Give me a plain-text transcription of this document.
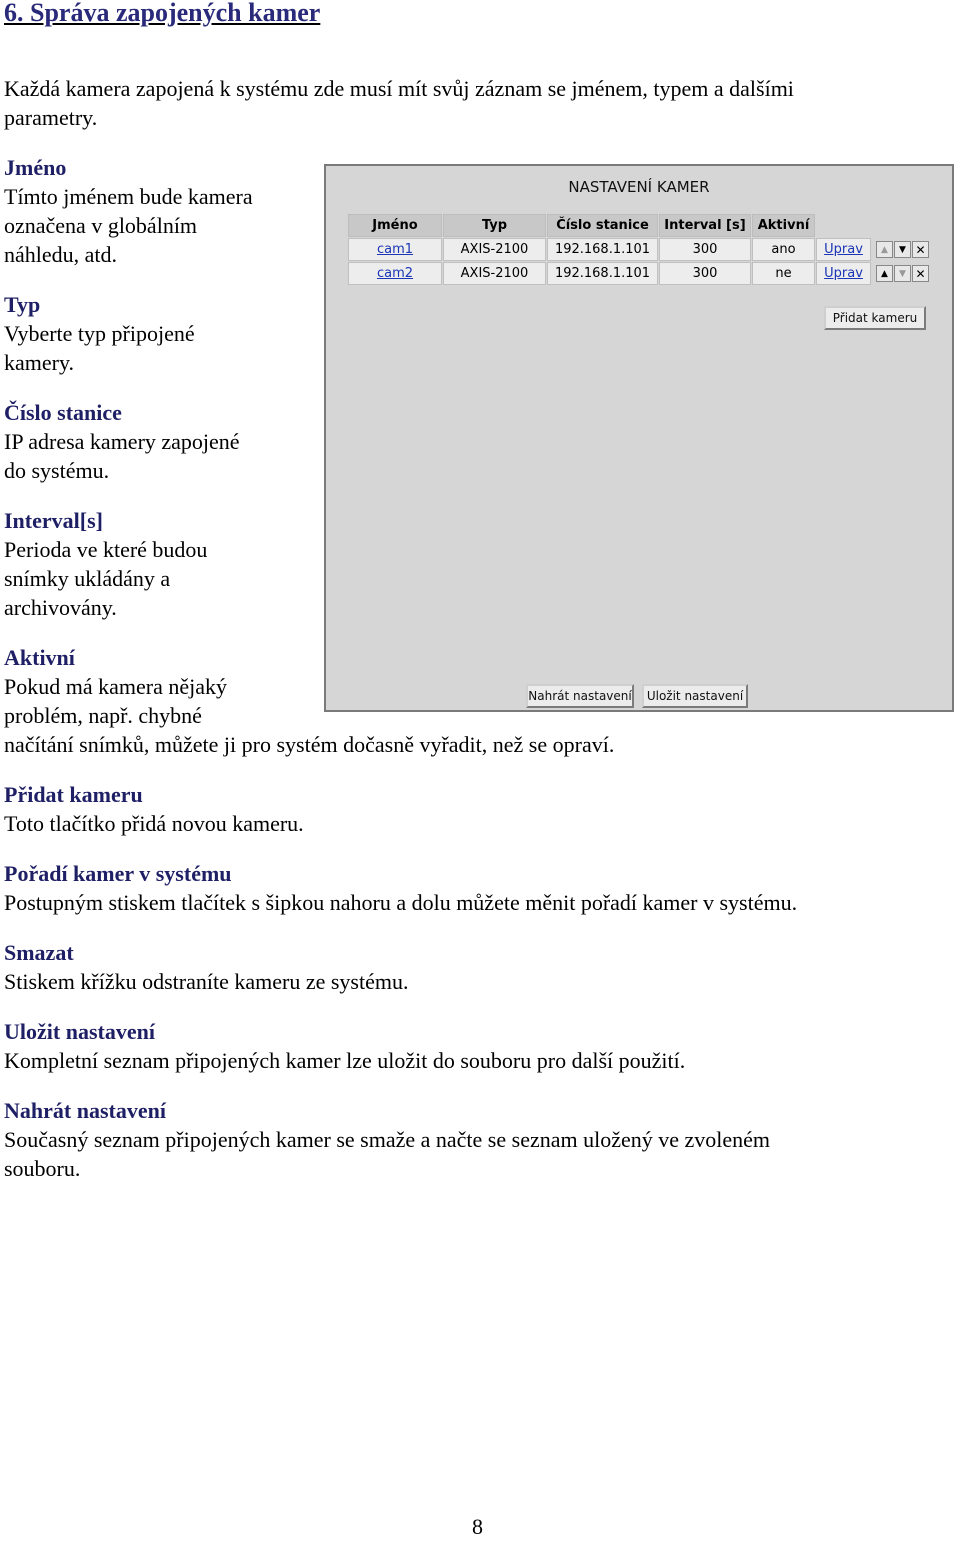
6. Správa zapojených kamer

Každá kamera zapojená k systému zde musí mít svůj záznam se jménem, typem a dalšími

parametry.

Jméno

Tímto jménem bude kamera

označena v globálním

náhledu, atd.

Typ

Vyberte typ připojené

kamery.

Číslo stanice

IP adresa kamery zapojené

do systému.

Interval[s]

Perioda ve které budou

snímky ukládány a

archivovány.

Aktivní

Pokud má kamera nějaký

problém, např. chybné

načítání snímků, můžete ji pro systém dočasně vyřadit, než se opraví.

Přidat kameru

Toto tlačítko přidá novou kameru.

Pořadí kamer v systému

Postupným stiskem tlačítek s šipkou nahoru a dolu můžete měnit pořadí kamer v systému.

Smazat

Stiskem křížku odstraníte kameru ze systému.

Uložit nastavení

Kompletní seznam připojených kamer lze uložit do souboru pro další použití.

Nahrát nastavení

Současný seznam připojených kamer se smaže a načte se seznam uložený ve zvoleném

souboru.

NASTAVENÍ KAMER
Jméno	Typ	Číslo stanice	Interval [s] Aktivní
cam1	AXIS-2100	192.168.1.101	300	ano	Uprav	▲	▼ ✕
cam2	AXIS-2100	192.168.1.101	300	ne	Uprav	▲	▼ ✕
Přidat kameru
Nahrát nastavení	Uložit nastavení
8
